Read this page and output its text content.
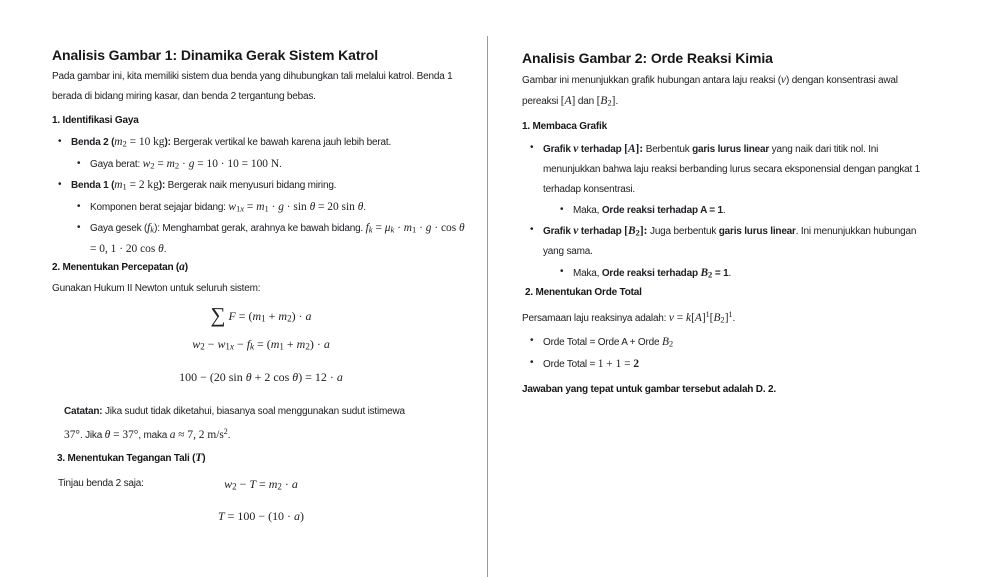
Analisis Gambar 1: Dinamika Gerak Sistem Katrol

Pada gambar ini, kita memiliki sistem dua benda yang dihubungkan tali melalui katrol. Benda 1 berada di bidang miring kasar, dan benda 2 tergantung bebas.

1. Identifikasi Gaya
• Benda 2 (m2 = 10 kg): Bergerak vertikal ke bawah karena jauh lebih berat.
• Gaya berat: w2 = m2 · g = 10 · 10 = 100 N.
• Benda 1 (m1 = 2 kg): Bergerak naik menyusuri bidang miring.
• Komponen berat sejajar bidang: w1x = m1 · g · sin θ = 20 sin θ.
• Gaya gesek (fk): Menghambat gerak, arahnya ke bawah bidang. fk = μk · m1 · g · cos θ = 0, 1 · 20 cos θ.
2. Menentukan Percepatan (a)

Gunakan Hukum II Newton untuk seluruh sistem:

∑ F = (m1 + m2) · a
w2 − w1x − fk = (m1 + m2) · a
100 − (20 sin θ + 2 cos θ) = 12 · a

Catatan: Jika sudut tidak diketahui, biasanya soal menggunakan sudut istimewa 37°. Jika θ = 37°, maka a ≈ 7, 2 $m/s^2$.

3. Menentukan Tegangan Tali (T)
Tinjau benda 2 saja:	w2 − T = m2 · a
T = 100 − (10 · a)
Analisis Gambar 2: Orde Reaksi Kimia

Gambar ini menunjukkan grafik hubungan antara laju reaksi (v) dengan konsentrasi awal pereaksi [A] dan [B2].

1. Membaca Grafik
• Grafik v terhadap [A]: Berbentuk garis lurus linear yang naik dari titik nol. Ini menunjukkan bahwa laju reaksi berbanding lurus secara eksponensial dengan pangkat 1 terhadap konsentrasi.
• Maka, Orde reaksi terhadap A = 1.
• Grafik v terhadap [B2]: Juga berbentuk garis lurus linear. Ini menunjukkan hubungan yang sama.
• Maka, Orde reaksi terhadap B2 = 1.
2. Menentukan Orde Total

Persamaan laju reaksinya adalah: $v = k[A]^1[B2]^1$.

• Orde Total = Orde A + Orde B2
• Orde Total = 1 + 1 = 2

Jawaban yang tepat untuk gambar tersebut adalah D. 2.
